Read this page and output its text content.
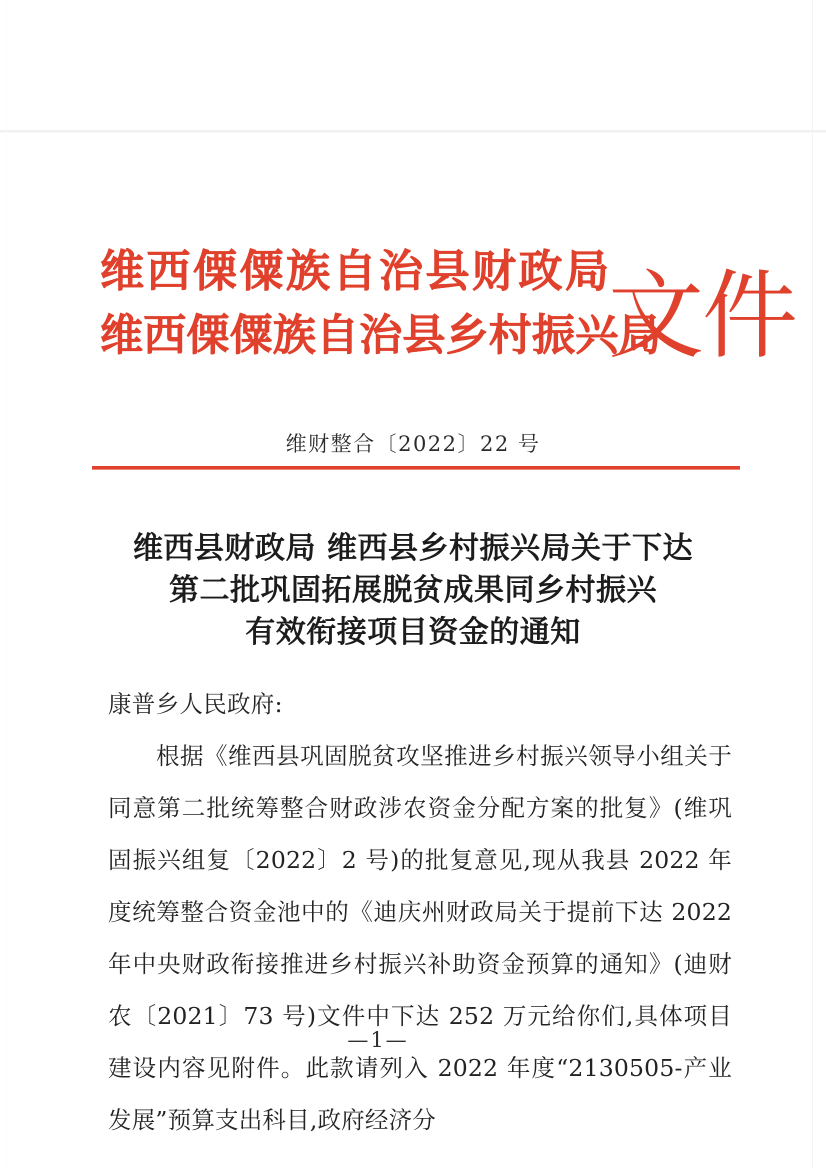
维西傈僳族自治县财政局
维西傈僳族自治县乡村振兴局
文件
维财整合〔2022〕22 号
维西县财政局 维西县乡村振兴局关于下达
第二批巩固拓展脱贫成果同乡村振兴
有效衔接项目资金的通知
康普乡人民政府:
根据《维西县巩固脱贫攻坚推进乡村振兴领导小组关于同意第二批统筹整合财政涉农资金分配方案的批复》(维巩固振兴组复〔2022〕2 号)的批复意见,现从我县 2022 年度统筹整合资金池中的《迪庆州财政局关于提前下达 2022 年中央财政衔接推进乡村振兴补助资金预算的通知》(迪财农〔2021〕73 号)文件中下达 252 万元给你们,具体项目建设内容见附件。此款请列入 2022 年度“2130505-产业发展”预算支出科目,政府经济分
—1—
